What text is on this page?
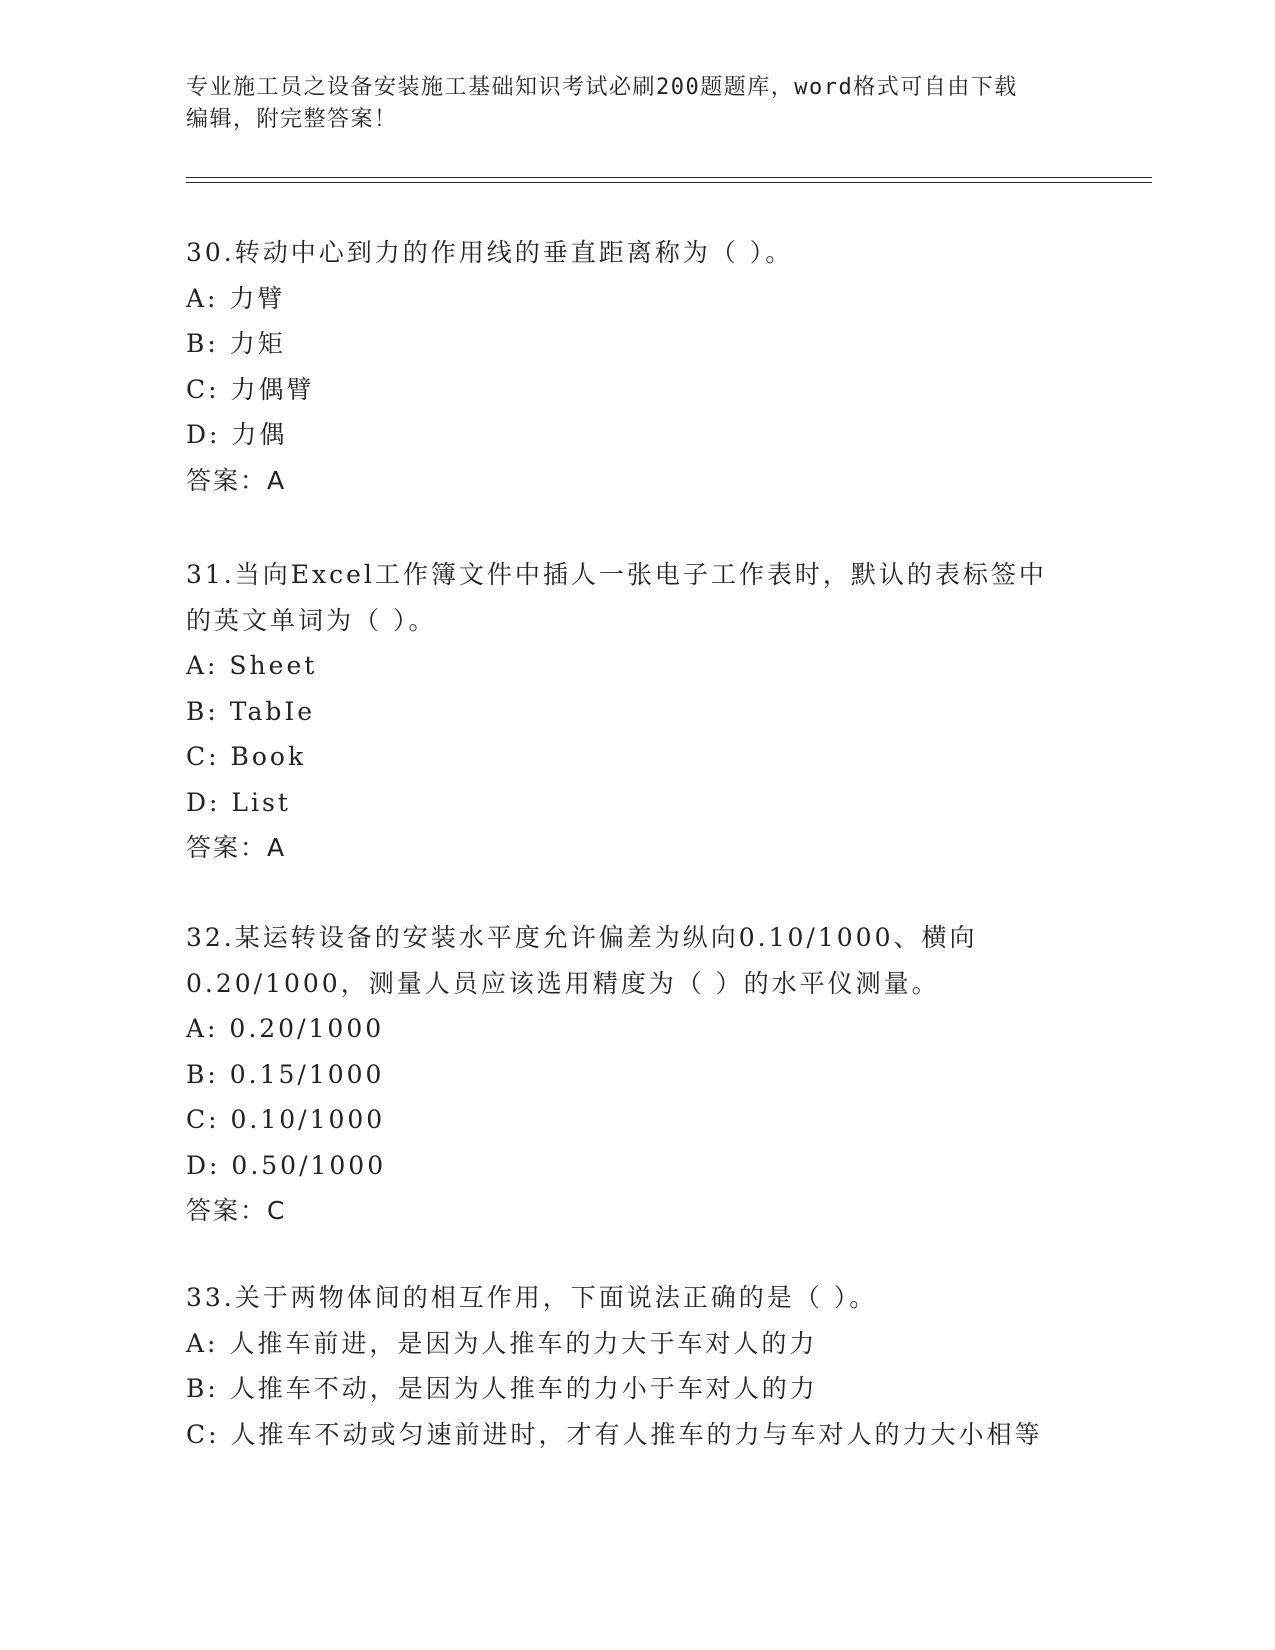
专业施工员之设备安装施工基础知识考试必刷200题题库，word格式可自由下载
编辑，附完整答案！
30.转动中心到力的作用线的垂直距离称为（ ）。
A: 力臂
B: 力矩
C: 力偶臂
D: 力偶
答案：A
31.当向Excel工作簿文件中插人一张电子工作表时，默认的表标签中
的英文单词为（ ）。
A: Sheet
B: TabIe
C: Book
D: List
答案：A
32.某运转设备的安装水平度允许偏差为纵向0.10/1000、横向
0.20/1000，测量人员应该选用精度为（ ）的水平仪测量。
A: 0.20/1000
B: 0.15/1000
C: 0.10/1000
D: 0.50/1000
答案：C
33.关于两物体间的相互作用，下面说法正确的是（ ）。
A: 人推车前进，是因为人推车的力大于车对人的力
B: 人推车不动，是因为人推车的力小于车对人的力
C: 人推车不动或匀速前进时，才有人推车的力与车对人的力大小相等
